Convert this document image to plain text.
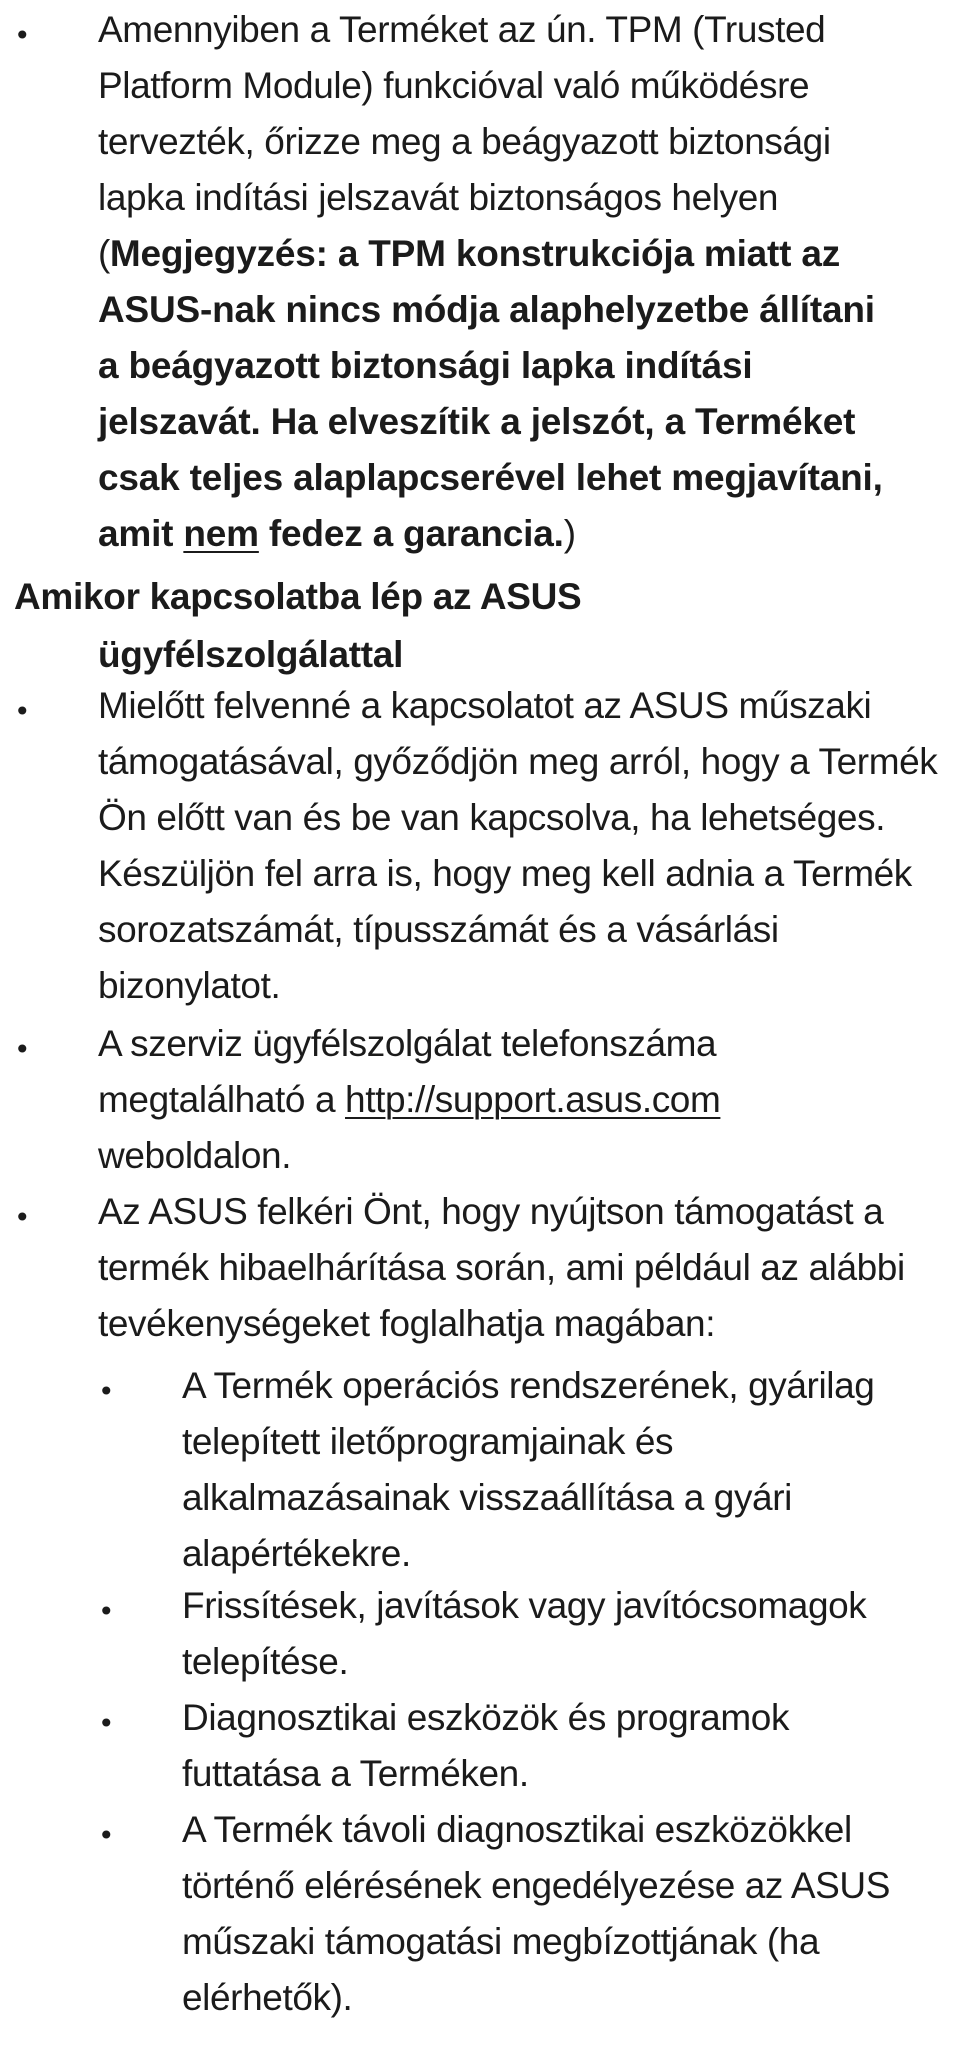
• Amennyiben a Terméket az ún. TPM (Trusted Platform Module) funkcióval való működésre tervezték, őrizze meg a beágyazott biztonsági lapka indítási jelszavát biztonságos helyen (Megjegyzés: a TPM konstrukciója miatt az ASUS-nak nincs módja alaphelyzetbe állítani a beágyazott biztonsági lapka indítási jelszavát. Ha elveszítik a jelszót, a Terméket csak teljes alaplapcserével lehet megjavítani, amit nem fedez a garancia.)
Amikor kapcsolatba lép az ASUS
ügyfélszolgálattal
• Mielőtt felvenné a kapcsolatot az ASUS műszaki támogatásával, győződjön meg arról, hogy a Termék Ön előtt van és be van kapcsolva, ha lehetséges. Készüljön fel arra is, hogy meg kell adnia a Termék sorozatszámát, típusszámát és a vásárlási bizonylatot.
• A szerviz ügyfélszolgálat telefonszáma megtalálható a http://support.asus.com weboldalon.
• Az ASUS felkéri Önt, hogy nyújtson támogatást a termék hibaelhárítása során, ami például az alábbi tevékenységeket foglalhatja magában:
• A Termék operációs rendszerének, gyárilag telepített iletőprogramjainak és alkalmazásainak visszaállítása a gyári alapértékekre.
• Frissítések, javítások vagy javítócsomagok telepítése.
• Diagnosztikai eszközök és programok futtatása a Terméken.
• A Termék távoli diagnosztikai eszközökkel történő elérésének engedélyezése az ASUS műszaki támogatási megbízottjának (ha elérhetők).
